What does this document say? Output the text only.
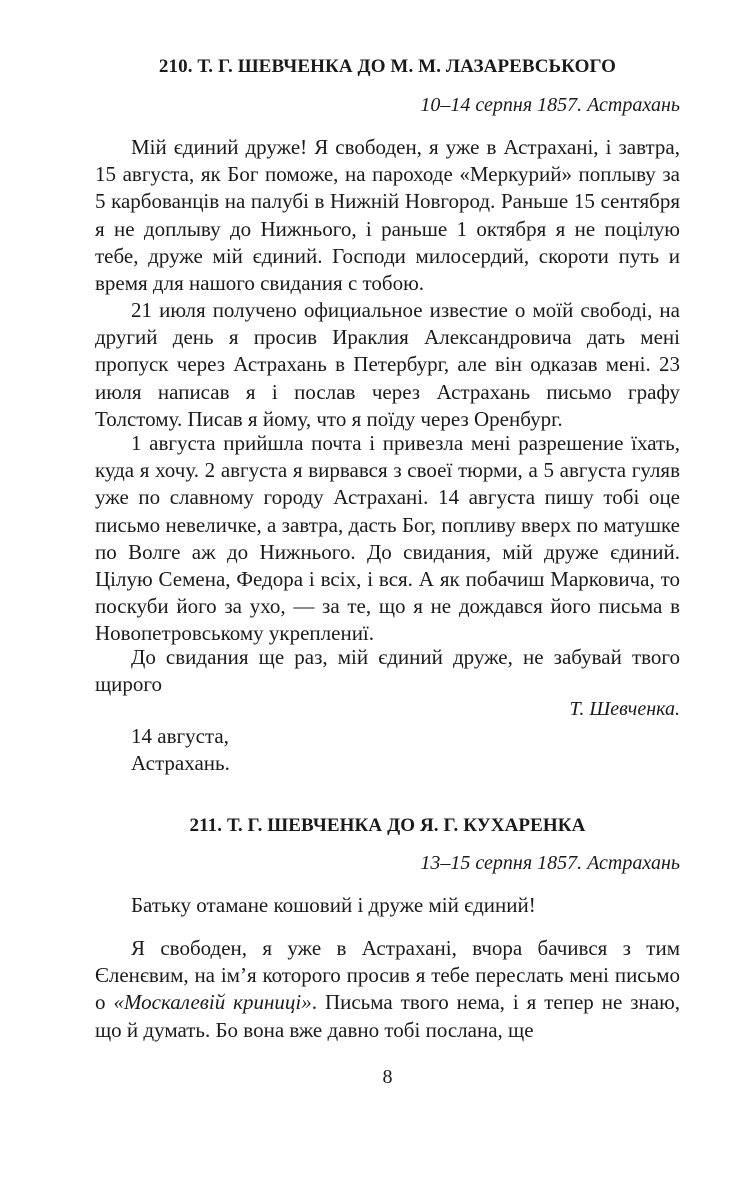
210. Т. Г. ШЕВЧЕНКА ДО М. М. ЛАЗАРЕВСЬКОГО
10–14 серпня 1857. Астрахань

Мій єдиний друже! Я свободен, я уже в Астрахані, і завтра, 15 августа, як Бог поможе, на пароходе «Меркурий» поплыву за 5 карбованців на палубі в Нижній Новгород. Раньше 15 сентября я не доплыву до Нижнього, і раньше 1 октября я не поцілую тебе, друже мій єдиний. Господи милосердий, скороти путь и время для нашого свидания с тобою.

21 июля получено официальное известие о моїй свободі, на другий день я просив Ираклия Александровича дать мені пропуск через Астрахань в Петербург, але він одказав мені. 23 июля написав я і послав через Астрахань письмо графу Толстому. Писав я йому, что я поїду через Оренбург.

1 августа прийшла почта і привезла мені разрешение їхать, куда я хочу. 2 августа я вирвався з своеї тюрми, а 5 августа гуляв уже по славному городу Астрахані. 14 августа пишу тобі оце письмо невеличке, а завтра, дасть Бог, попливу вверх по матушке по Волге аж до Нижнього. До свидания, мій друже єдиний. Цілую Семена, Федора і всіх, і вся. А як побачиш Марковича, то поскуби його за ухо, — за те, що я не дождався його письма в Новопетровському укреплениї.

До свидания ще раз, мій єдиний друже, не забувай твого щирого

Т. Шевченка.
14 августа,
Астрахань.
211. Т. Г. ШЕВЧЕНКА ДО Я. Г. КУХАРЕНКА
13–15 серпня 1857. Астрахань
Батьку отамане кошовий і друже мій єдиний!

Я свободен, я уже в Астрахані, вчора бачився з тим Єленєвим, на ім’я которого просив я тебе переслать мені письмо о «Москалевій криниці». Письма твого нема, і я тепер не знаю, що й думать. Бо вона вже давно тобі послана, ще

8
